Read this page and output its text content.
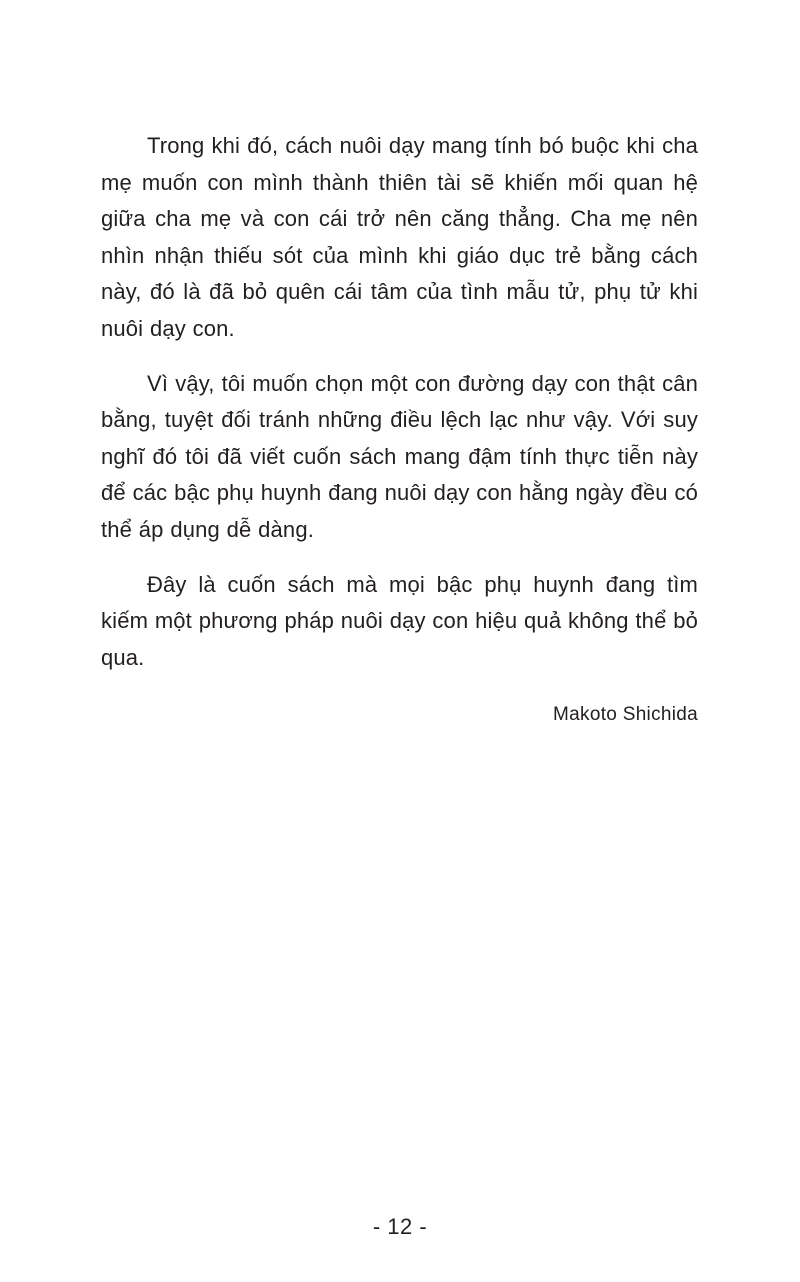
Trong khi đó, cách nuôi dạy mang tính bó buộc khi cha mẹ muốn con mình thành thiên tài sẽ khiến mối quan hệ giữa cha mẹ và con cái trở nên căng thẳng. Cha mẹ nên nhìn nhận thiếu sót của mình khi giáo dục trẻ bằng cách này, đó là đã bỏ quên cái tâm của tình mẫu tử, phụ tử khi nuôi dạy con.

Vì vậy, tôi muốn chọn một con đường dạy con thật cân bằng, tuyệt đối tránh những điều lệch lạc như vậy. Với suy nghĩ đó tôi đã viết cuốn sách mang đậm tính thực tiễn này để các bậc phụ huynh đang nuôi dạy con hằng ngày đều có thể áp dụng dễ dàng.

Đây là cuốn sách mà mọi bậc phụ huynh đang tìm kiếm một phương pháp nuôi dạy con hiệu quả không thể bỏ qua.

Makoto Shichida
- 12 -
